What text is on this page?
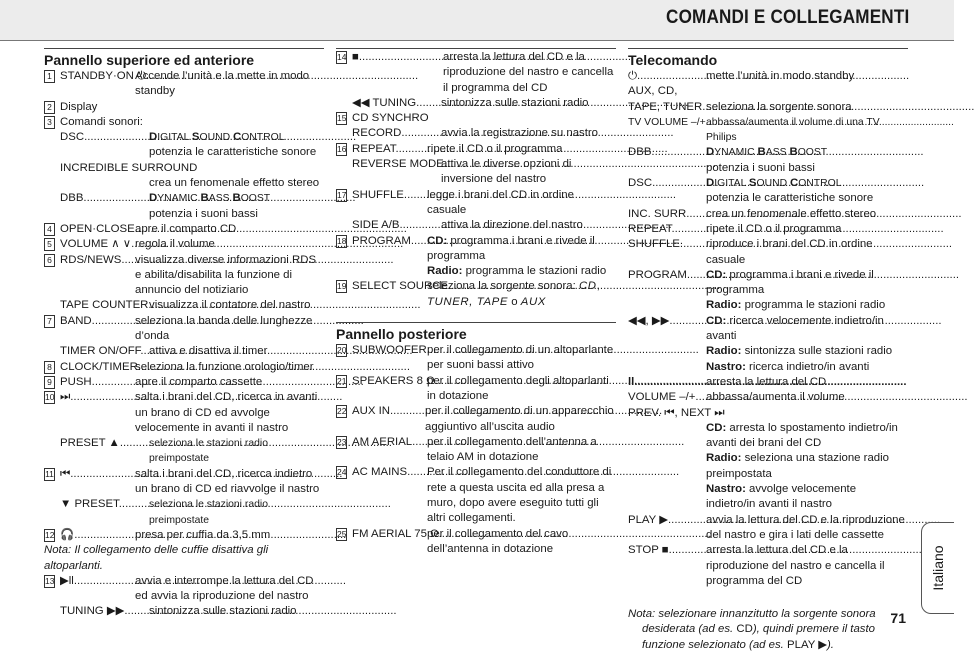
COMANDI E COLLEGAMENTI
Pannello superiore ed anteriore
1 STANDBY·ON ⏻ .....
Accende l’unità e la mette in modo standby
2 Display
3 Comandi sonori:
DSC .....	DIGITAL SOUND CONTROL
potenzia le caratteristiche sonore
INCREDIBLE SURROUND
crea un fenomenale effetto stereo
DBB .....	DYNAMIC BASS BOOST
potenzia i suoni bassi
4 OPEN·CLOSE ..... apre il comparto CD
5 VOLUME ∧ ∨ ..... regola il volume
6 RDS/NEWS .....	visualizza diverse informazioni RDS e abilita/disabilita la funzione di annuncio del notiziario
TAPE COUNTER ..... visualizza il contatore del nastro
7 BAND .....	seleziona la banda delle lunghezze d’onda
TIMER ON/OFF ..... attiva e disattiva il timer
8 CLOCK/TIMER .....
seleziona la funzione orologio/timer
9 PUSH .....	apre il comparto cassette
10 ⏭ .....	salta i brani del CD, ricerca in avanti un brano di CD ed avvolge velocemente in avanti il nastro
PRESET ▲ .....	seleziona le stazioni radio preimpostate
11 ⏮ .....	salta i brani del CD, ricerca indietro un brano di CD ed riavvolge il nastro
▼ PRESET .....	seleziona le stazioni radio preimpostate
12 🎧 .....	presa per cuffia da 3,5 mm
Nota: Il collegamento delle cuffie disattiva gli altoparlanti.
13 ▶ll .....	avvia e interrompe la lettura del CD ed avvia la riproduzione del nastro
TUNING ▶▶ .....	sintonizza sulle stazioni radio
14 ■ .....	arresta la lettura del CD e la riproduzione del nastro e cancella il programma del CD
◀◀ TUNING .....	sintonizza sulle stazioni radio
15 CD SYNCHRO
RECORD .....	avvia la registrazione su nastro
16 REPEAT .....	ripete il CD o il programma
REVERSE MODE .....
attiva le diverse opzioni di inversione del nastro
17 SHUFFLE .....	legge i brani del CD in ordine casuale
SIDE A/B .....	attiva la direzione del nastro
18 PROGRAM .....	CD: programma i brani e rivede il programma
Radio: programma le stazioni radio
19 SELECT SOURCE .....
seleziona la sorgente sonora: CD,
TUNER, TAPE o AUX
Pannello posteriore
20 SUBWOOFER ..... per il collegamento di un altoparlante per suoni bassi attivo
21 SPEAKERS 8 Ω .....
per il collegamento degli altoparlanti in dotazione
22 AUX IN .....	per il collegamento di un apparecchio aggiuntivo all’uscita audio
23 AM AERIAL .....	per il collegamento dell’antenna a telaio AM in dotazione
24 AC MAINS .....	Per il collegamento del conduttore di rete a questa uscita ed alla presa a muro, dopo avere eseguito tutti gli altri collegamenti.
25 FM AERIAL 75 Ω .....
per il collegamento del cavo dell’antenna in dotazione
Telecomando
⏻ .....	mette l’unità in modo standby
AUX, CD,
TAPE, TUNER ..... seleziona la sorgente sonora
TV VOLUME –/+ ..... abbassa/aumenta il volume di una TV Philips
DBB .....	DYNAMIC BASS BOOST
potenzia i suoni bassi
DSC .....	DIGITAL SOUND CONTROL
potenzia le caratteristiche sonore
INC. SURR. .....	crea un fenomenale effetto stereo
REPEAT .....	ripete il CD o il programma
SHUFFLE .....	riproduce i brani del CD in ordine casuale
PROGRAM .....	CD: programma i brani e rivede il programma
Radio: programma le stazioni radio
◀◀, ▶▶ .....	CD: ricerca velocemente indietro/in avanti
Radio: sintonizza sulle stazioni radio
Nastro: ricerca indietro/in avanti
ll .....	arresta la lettura del CD
VOLUME –/+ ..... abbassa/aumenta il volume
PREV. ⏮, NEXT ⏭
CD: arresta lo spostamento indietro/in avanti dei brani del CD
Radio: seleziona una stazione radio preimpostata
Nastro: avvolge velocemente indietro/in avanti il nastro
PLAY ▶ .....	avvia la lettura del CD e la riproduzione del nastro e gira i lati delle cassette
STOP ■ .....	arresta la lettura del CD e la riproduzione del nastro e cancella il programma del CD
Nota: selezionare innanzitutto la sorgente sonora
desiderata (ad es. CD), quindi premere il tasto
funzione selezionato (ad es. PLAY ▶).
Italiano
71
